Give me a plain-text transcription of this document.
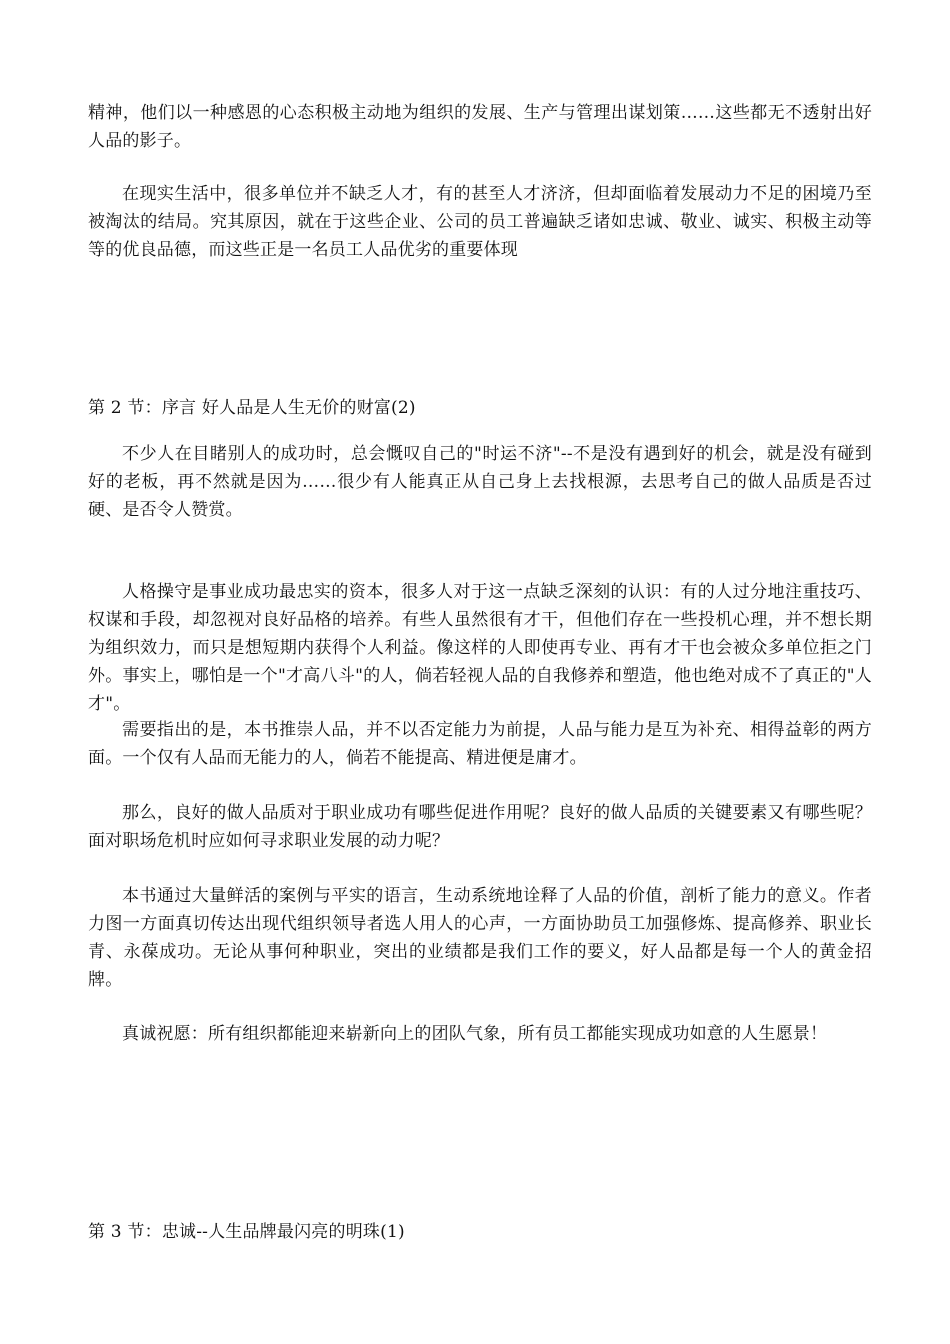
精神，他们以一种感恩的心态积极主动地为组织的发展、生产与管理出谋划策……这些都无不透射出好人品的影子。

在现实生活中，很多单位并不缺乏人才，有的甚至人才济济，但却面临着发展动力不足的困境乃至被淘汰的结局。究其原因，就在于这些企业、公司的员工普遍缺乏诸如忠诚、敬业、诚实、积极主动等等的优良品德，而这些正是一名员工人品优劣的重要体现

第 2 节：序言 好人品是人生无价的财富(2)

不少人在目睹别人的成功时，总会慨叹自己的"时运不济"--不是没有遇到好的机会，就是没有碰到好的老板，再不然就是因为……很少有人能真正从自己身上去找根源，去思考自己的做人品质是否过硬、是否令人赞赏。

人格操守是事业成功最忠实的资本，很多人对于这一点缺乏深刻的认识：有的人过分地注重技巧、权谋和手段，却忽视对良好品格的培养。有些人虽然很有才干，但他们存在一些投机心理，并不想长期为组织效力，而只是想短期内获得个人利益。像这样的人即使再专业、再有才干也会被众多单位拒之门外。事实上，哪怕是一个"才高八斗"的人，倘若轻视人品的自我修养和塑造，他也绝对成不了真正的"人才"。

需要指出的是，本书推崇人品，并不以否定能力为前提，人品与能力是互为补充、相得益彰的两方面。一个仅有人品而无能力的人，倘若不能提高、精进便是庸才。

那么，良好的做人品质对于职业成功有哪些促进作用呢？良好的做人品质的关键要素又有哪些呢？面对职场危机时应如何寻求职业发展的动力呢？

本书通过大量鲜活的案例与平实的语言，生动系统地诠释了人品的价值，剖析了能力的意义。作者力图一方面真切传达出现代组织领导者选人用人的心声，一方面协助员工加强修炼、提高修养、职业长青、永葆成功。无论从事何种职业，突出的业绩都是我们工作的要义，好人品都是每一个人的黄金招牌。

真诚祝愿：所有组织都能迎来崭新向上的团队气象，所有员工都能实现成功如意的人生愿景！

第 3 节：忠诚--人生品牌最闪亮的明珠(1)
